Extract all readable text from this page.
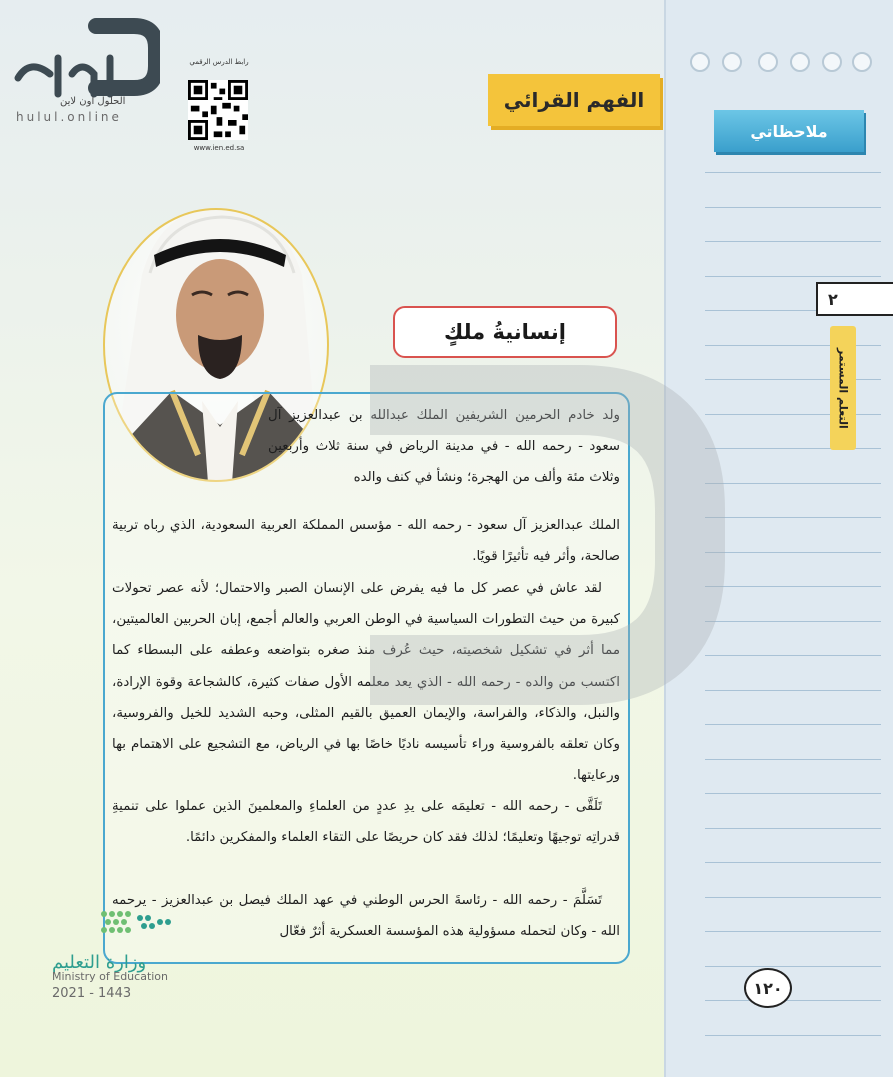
الحلول اون لاين
hulul.online
رابط الدرس الرقمي
www.ien.ed.sa
الفهم القرائي
ملاحظاتي
٢
التعلم المستمر
إنسانيةُ ملكٍ

ولد خادم الحرمين الشريفين الملك عبدالله بن عبدالعزيز آل سعود - رحمه الله - في مدينة الرياض في سنة ثلاث وأربعين وثلاث مئة وألف من الهجرة؛ ونشأ في كنف والده

الملك عبدالعزيز آل سعود - رحمه الله - مؤسس المملكة العربية السعودية، الذي رباه تربية صالحة، وأثر فيه تأثيرًا قويًا.

لقد عاش في عصر كل ما فيه يفرض على الإنسان الصبر والاحتمال؛ لأنه عصر تحولات كبيرة من حيث التطورات السياسية في الوطن العربي والعالم أجمع، إبان الحربين العالميتين، مما أثر في تشكيل شخصيته، حيث عُرف منذ صغره بتواضعه وعطفه على البسطاء كما اكتسب من والده - رحمه الله - الذي يعد معلمه الأول صفات كثيرة، كالشجاعة وقوة الإرادة، والنبل، والذكاء، والفراسة، والإيمان العميق بالقيم المثلى، وحبه الشديد للخيل والفروسية، وكان تعلقه بالفروسية وراء تأسيسه ناديًا خاصًا بها في الرياض، مع التشجيع على الاهتمام بها ورعايتها.

تَلَقَّى - رحمه الله - تعليمَه على يدِ عددٍ من العلماءِ والمعلمينَ الذين عملوا على تنميةِ قدراتِه توجيهًا وتعليمًا؛ لذلك فقد كان حريصًا على التقاء العلماء والمفكرين دائمًا.

تَسَلَّمَ - رحمه الله - رئاسةَ الحرس الوطني في عهد الملك فيصل بن عبدالعزيز - يرحمه الله - وكان لتحمله مسؤولية هذه المؤسسة العسكرية أثرٌ فعّال

وزارة التعليم
Ministry of Education
2021 - 1443	١٢٠
